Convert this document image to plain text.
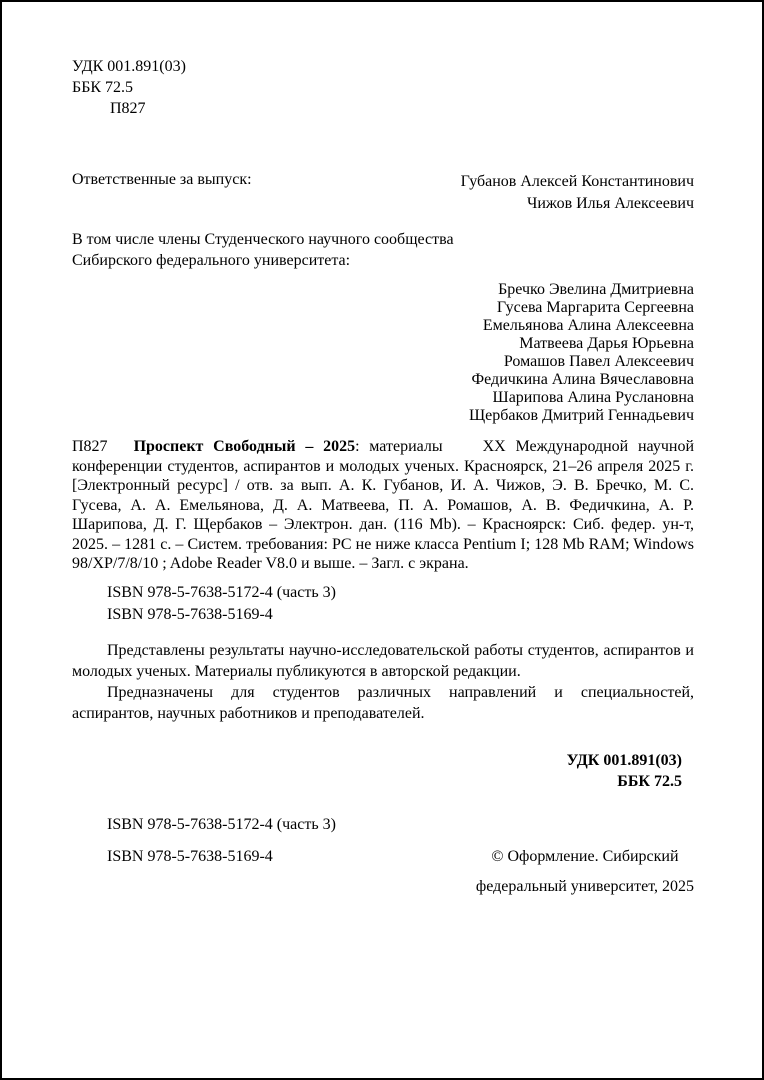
УДК 001.891(03)
ББК 72.5
П827
Ответственные за выпуск:	Губанов Алексей Константинович
Чижов Илья Алексеевич
В том числе члены Студенческого научного сообщества
Сибирского федерального университета:
Бречко Эвелина Дмитриевна
Гусева Маргарита Сергеевна
Емельянова Алина Алексеевна
Матвеева Дарья Юрьевна
Ромашов Павел Алексеевич
Федичкина Алина Вячеславовна
Шарипова Алина Руслановна
Щербаков Дмитрий Геннадьевич

П827 Проспект Свободный – 2025: материалы	XX Международной научной конференции студентов, аспирантов и молодых ученых. Красноярск, 21–26 апреля 2025 г. [Электронный ресурс] / отв. за вып. А. К. Губанов, И. А. Чижов, Э. В. Бречко, М. С. Гусева, А. А. Емельянова, Д. А. Матвеева, П. А. Ромашов, А. В. Федичкина, А. Р. Шарипова, Д. Г. Щербаков – Электрон. дан. (116 Mb). – Красноярск: Сиб. федер. ун-т, 2025. – 1281 с. – Систем. требования: PC не ниже класса Pentium I; 128 Mb RAM; Windows 98/XP/7/8/10 ; Adobe Reader V8.0 и выше. – Загл. с экрана.

ISBN 978-5-7638-5172-4 (часть 3)
ISBN 978-5-7638-5169-4

Представлены результаты научно-исследовательской работы студентов, аспирантов и молодых ученых. Материалы публикуются в авторской редакции.

Предназначены для студентов различных направлений и специальностей, аспирантов, научных работников и преподавателей.

УДК 001.891(03)
ББК 72.5
ISBN 978-5-7638-5172-4 (часть 3)
ISBN 978-5-7638-5169-4	© Оформление. Сибирский
федеральный университет, 2025
